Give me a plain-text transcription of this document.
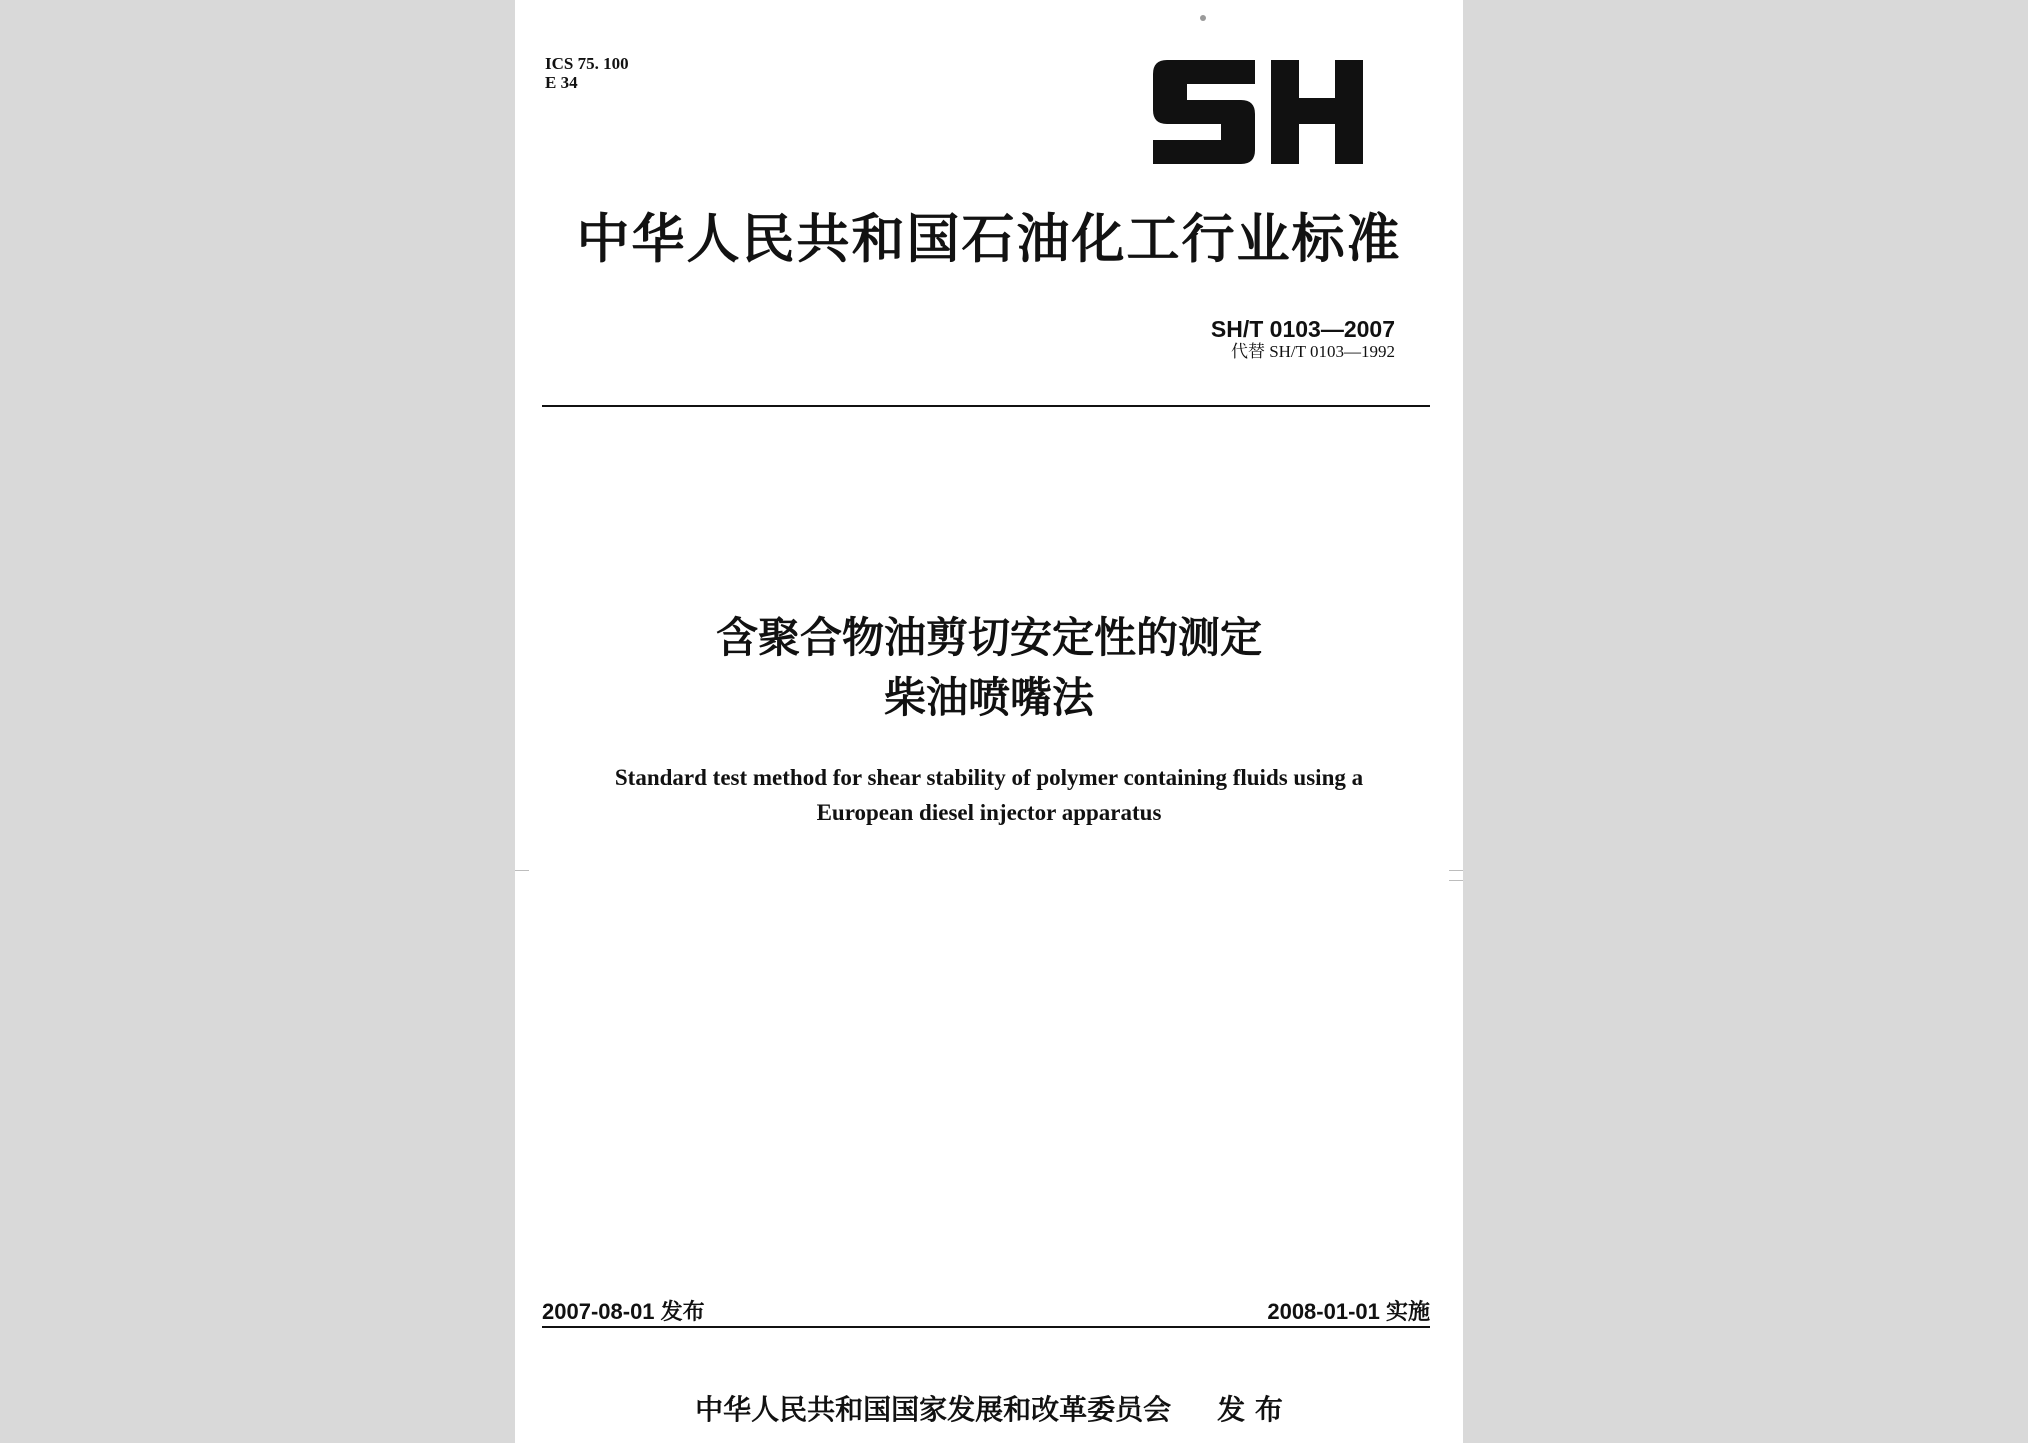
ICS 75. 100
E 34
中华人民共和国石油化工行业标准
SH/T 0103—2007
代替 SH/T 0103—1992
含聚合物油剪切安定性的测定
柴油喷嘴法
Standard test method for shear stability of polymer containing fluids using a
European diesel injector apparatus
2007-08-01 发布	2008-01-01 实施
中华人民共和国国家发展和改革委员会 发 布
